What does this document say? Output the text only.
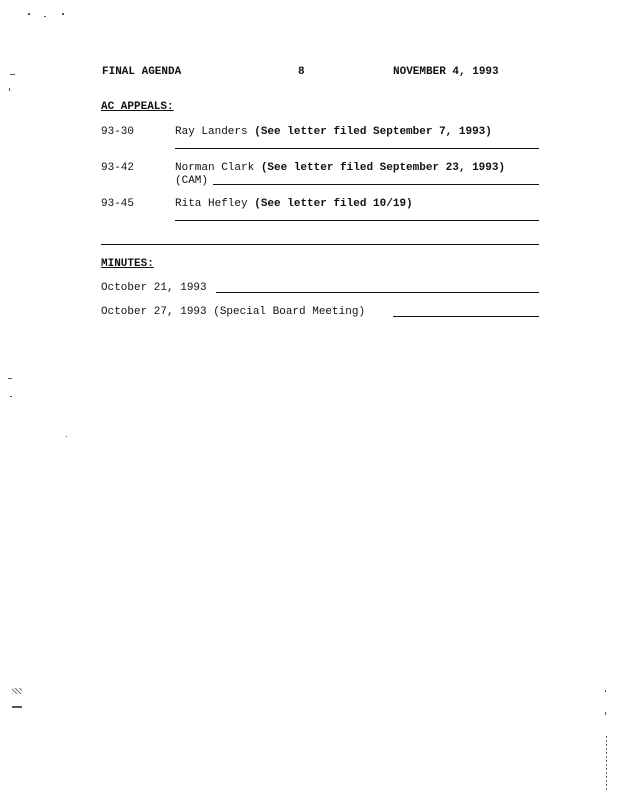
FINAL AGENDA	8	NOVEMBER 4, 1993
AC APPEALS:
93-30	Ray Landers (See letter filed September 7, 1993)
93-42	Norman Clark (See letter filed September 23, 1993)
(CAM)
93-45	Rita Hefley (See letter filed 10/19)
MINUTES:
October 21, 1993
October 27, 1993 (Special Board Meeting)
